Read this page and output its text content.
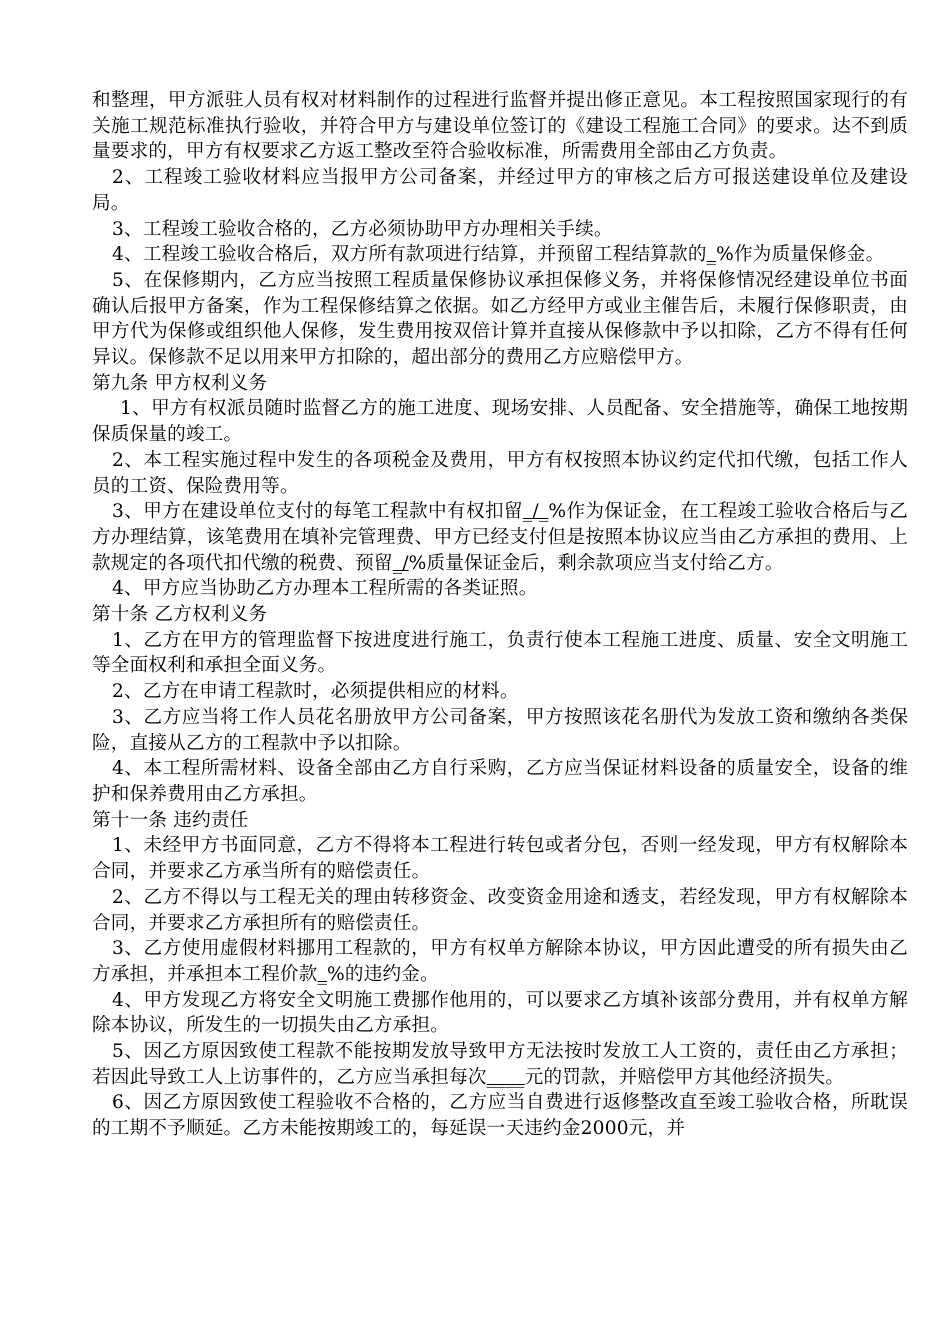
和整理，甲方派驻人员有权对材料制作的过程进行监督并提出修正意见。本工程按照国家现行的有关施工规范标准执行验收，并符合甲方与建设单位签订的《建设工程施工合同》的要求。达不到质量要求的，甲方有权要求乙方返工整改至符合验收标准，所需费用全部由乙方负责。

2、工程竣工验收材料应当报甲方公司备案，并经过甲方的审核之后方可报送建设单位及建设局。

3、工程竣工验收合格的，乙方必须协助甲方办理相关手续。

4、工程竣工验收合格后，双方所有款项进行结算，并预留工程结算款的_%作为质量保修金。

5、在保修期内，乙方应当按照工程质量保修协议承担保修义务，并将保修情况经建设单位书面确认后报甲方备案，作为工程保修结算之依据。如乙方经甲方或业主催告后，未履行保修职责，由甲方代为保修或组织他人保修，发生费用按双倍计算并直接从保修款中予以扣除，乙方不得有任何异议。保修款不足以用来甲方扣除的，超出部分的费用乙方应赔偿甲方。

第九条 甲方权利义务

1、甲方有权派员随时监督乙方的施工进度、现场安排、人员配备、安全措施等，确保工地按期保质保量的竣工。

2、本工程实施过程中发生的各项税金及费用，甲方有权按照本协议约定代扣代缴，包括工作人员的工资、保险费用等。

3、甲方在建设单位支付的每笔工程款中有权扣留_/_%作为保证金，在工程竣工验收合格后与乙方办理结算，该笔费用在填补完管理费、甲方已经支付但是按照本协议应当由乙方承担的费用、上款规定的各项代扣代缴的税费、预留_/%质量保证金后，剩余款项应当支付给乙方。

4、甲方应当协助乙方办理本工程所需的各类证照。

第十条 乙方权利义务

1、乙方在甲方的管理监督下按进度进行施工，负责行使本工程施工进度、质量、安全文明施工等全面权利和承担全面义务。

2、乙方在申请工程款时，必须提供相应的材料。

3、乙方应当将工作人员花名册放甲方公司备案，甲方按照该花名册代为发放工资和缴纳各类保险，直接从乙方的工程款中予以扣除。

4、本工程所需材料、设备全部由乙方自行采购，乙方应当保证材料设备的质量安全，设备的维护和保养费用由乙方承担。

第十一条 违约责任

1、未经甲方书面同意，乙方不得将本工程进行转包或者分包，否则一经发现，甲方有权解除本合同，并要求乙方承当所有的赔偿责任。

2、乙方不得以与工程无关的理由转移资金、改变资金用途和透支，若经发现，甲方有权解除本合同，并要求乙方承担所有的赔偿责任。

3、乙方使用虚假材料挪用工程款的，甲方有权单方解除本协议，甲方因此遭受的所有损失由乙方承担，并承担本工程价款_%的违约金。

4、甲方发现乙方将安全文明施工费挪作他用的，可以要求乙方填补该部分费用，并有权单方解除本协议，所发生的一切损失由乙方承担。

5、因乙方原因致使工程款不能按期发放导致甲方无法按时发放工人工资的，责任由乙方承担；若因此导致工人上访事件的，乙方应当承担每次____元的罚款，并赔偿甲方其他经济损失。

6、因乙方原因致使工程验收不合格的，乙方应当自费进行返修整改直至竣工验收合格，所耽误的工期不予顺延。乙方未能按期竣工的，每延误一天违约金2000元，并
